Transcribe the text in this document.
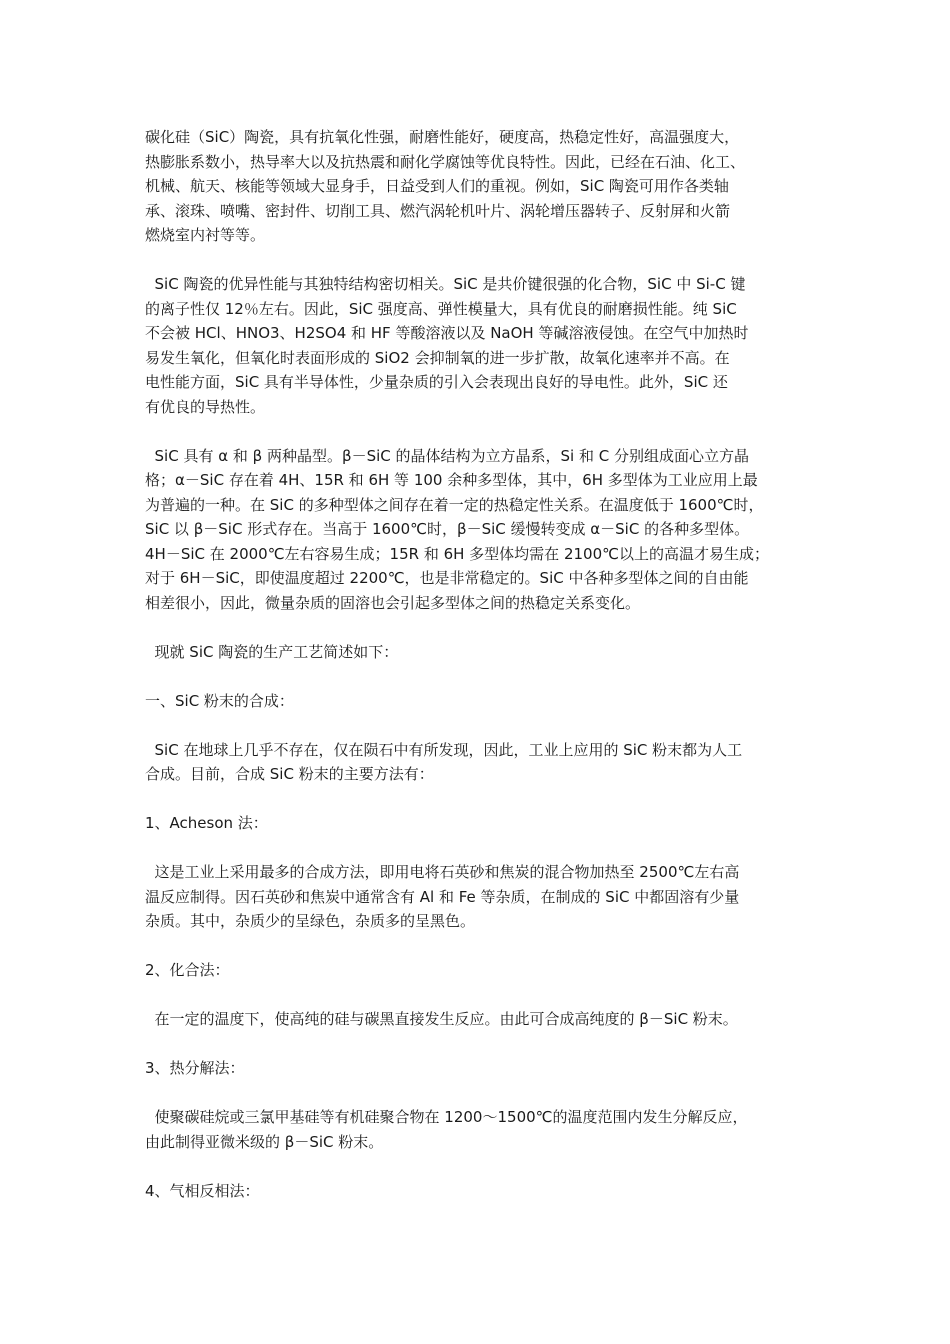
碳化硅（SiC）陶瓷，具有抗氧化性强，耐磨性能好，硬度高，热稳定性好，高温强度大，
热膨胀系数小，热导率大以及抗热震和耐化学腐蚀等优良特性。因此，已经在石油、化工、
机械、航天、核能等领域大显身手，日益受到人们的重视。例如，SiC 陶瓷可用作各类轴
承、滚珠、喷嘴、密封件、切削工具、燃汽涡轮机叶片、涡轮增压器转子、反射屏和火箭
燃烧室内衬等等。

SiC 陶瓷的优异性能与其独特结构密切相关。SiC 是共价键很强的化合物，SiC 中 Si-C 键
的离子性仅 12％左右。因此，SiC 强度高、弹性模量大，具有优良的耐磨损性能。纯 SiC
不会被 HCl、HNO3、H2SO4 和 HF 等酸溶液以及 NaOH 等碱溶液侵蚀。在空气中加热时
易发生氧化，但氧化时表面形成的 SiO2 会抑制氧的进一步扩散，故氧化速率并不高。在
电性能方面，SiC 具有半导体性，少量杂质的引入会表现出良好的导电性。此外，SiC 还
有优良的导热性。

SiC 具有 α 和 β 两种晶型。β－SiC 的晶体结构为立方晶系，Si 和 C 分别组成面心立方晶
格；α－SiC 存在着 4H、15R 和 6H 等 100 余种多型体，其中，6H 多型体为工业应用上最
为普遍的一种。在 SiC 的多种型体之间存在着一定的热稳定性关系。在温度低于 1600℃时，
SiC 以 β－SiC 形式存在。当高于 1600℃时，β－SiC 缓慢转变成 α－SiC 的各种多型体。
4H－SiC 在 2000℃左右容易生成；15R 和 6H 多型体均需在 2100℃以上的高温才易生成；
对于 6H－SiC，即使温度超过 2200℃，也是非常稳定的。SiC 中各种多型体之间的自由能
相差很小，因此，微量杂质的固溶也会引起多型体之间的热稳定关系变化。

现就 SiC 陶瓷的生产工艺简述如下：

一、SiC 粉末的合成：

SiC 在地球上几乎不存在，仅在陨石中有所发现，因此，工业上应用的 SiC 粉末都为人工
合成。目前，合成 SiC 粉末的主要方法有：

1、Acheson 法：

这是工业上采用最多的合成方法，即用电将石英砂和焦炭的混合物加热至 2500℃左右高
温反应制得。因石英砂和焦炭中通常含有 Al 和 Fe 等杂质，在制成的 SiC 中都固溶有少量
杂质。其中，杂质少的呈绿色，杂质多的呈黑色。

2、化合法：

在一定的温度下，使高纯的硅与碳黑直接发生反应。由此可合成高纯度的 β－SiC 粉末。

3、热分解法：

使聚碳硅烷或三氯甲基硅等有机硅聚合物在 1200～1500℃的温度范围内发生分解反应，
由此制得亚微米级的 β－SiC 粉末。

4、气相反相法：
